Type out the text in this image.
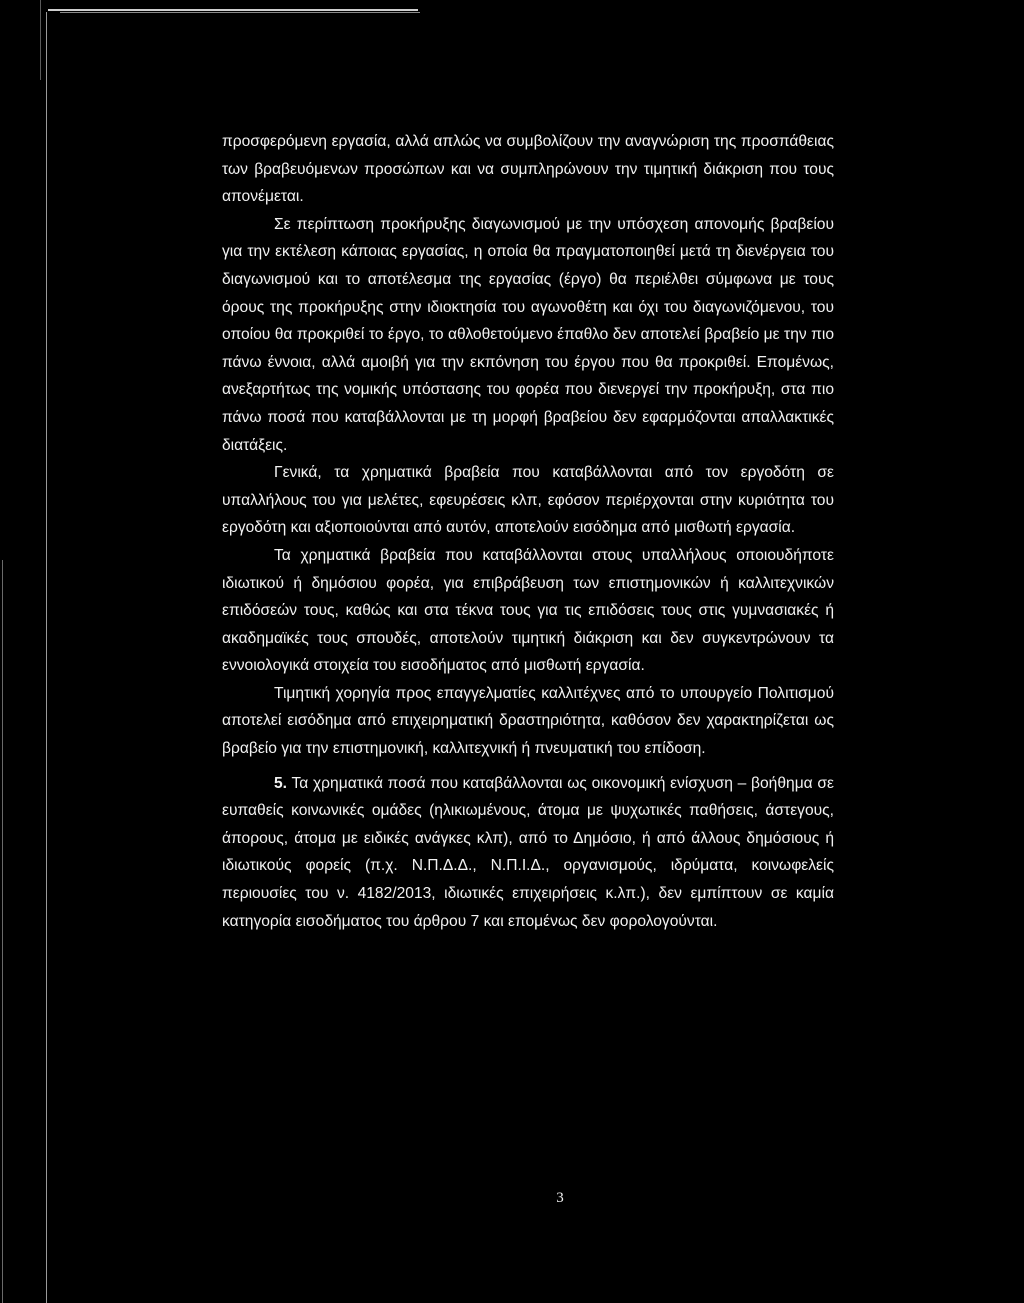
προσφερόμενη εργασία, αλλά απλώς να συμβολίζουν την αναγνώριση της προσπάθειας των βραβευόμενων προσώπων και να συμπληρώνουν την τιμητική διάκριση που τους απονέμεται.

Σε περίπτωση προκήρυξης διαγωνισμού με την υπόσχεση απονομής βραβείου για την εκτέλεση κάποιας εργασίας, η οποία θα πραγματοποιηθεί μετά τη διενέργεια του διαγωνισμού και το αποτέλεσμα της εργασίας (έργο) θα περιέλθει σύμφωνα με τους όρους της προκήρυξης στην ιδιοκτησία του αγωνοθέτη και όχι του διαγωνιζόμενου, του οποίου θα προκριθεί το έργο, το αθλοθετούμενο έπαθλο δεν αποτελεί βραβείο με την πιο πάνω έννοια, αλλά αμοιβή για την εκπόνηση του έργου που θα προκριθεί. Επομένως, ανεξαρτήτως της νομικής υπόστασης του φορέα που διενεργεί την προκήρυξη, στα πιο πάνω ποσά που καταβάλλονται με τη μορφή βραβείου δεν εφαρμόζονται απαλλακτικές διατάξεις.

Γενικά, τα χρηματικά βραβεία που καταβάλλονται από τον εργοδότη σε υπαλλήλους του για μελέτες, εφευρέσεις κλπ, εφόσον περιέρχονται στην κυριότητα του εργοδότη και αξιοποιούνται από αυτόν, αποτελούν εισόδημα από μισθωτή εργασία.

Τα χρηματικά βραβεία που καταβάλλονται στους υπαλλήλους οποιουδήποτε ιδιωτικού ή δημόσιου φορέα, για επιβράβευση των επιστημονικών ή καλλιτεχνικών επιδόσεών τους, καθώς και στα τέκνα τους για τις επιδόσεις τους στις γυμνασιακές ή ακαδημαϊκές τους σπουδές, αποτελούν τιμητική διάκριση και δεν συγκεντρώνουν τα εννοιολογικά στοιχεία του εισοδήματος από μισθωτή εργασία.

Τιμητική χορηγία προς επαγγελματίες καλλιτέχνες από το υπουργείο Πολιτισμού αποτελεί εισόδημα από επιχειρηματική δραστηριότητα, καθόσον δεν χαρακτηρίζεται ως βραβείο για την επιστημονική, καλλιτεχνική ή πνευματική του επίδοση.

5. Τα χρηματικά ποσά που καταβάλλονται ως οικονομική ενίσχυση – βοήθημα σε ευπαθείς κοινωνικές ομάδες (ηλικιωμένους, άτομα με ψυχωτικές παθήσεις, άστεγους, άπορους, άτομα με ειδικές ανάγκες κλπ), από το Δημόσιο, ή από άλλους δημόσιους ή ιδιωτικούς φορείς (π.χ. Ν.Π.Δ.Δ., Ν.Π.Ι.Δ., οργανισμούς, ιδρύματα, κοινωφελείς περιουσίες του ν. 4182/2013, ιδιωτικές επιχειρήσεις κ.λπ.), δεν εμπίπτουν σε καμία κατηγορία εισοδήματος του άρθρου 7 και επομένως δεν φορολογούνται.

3
